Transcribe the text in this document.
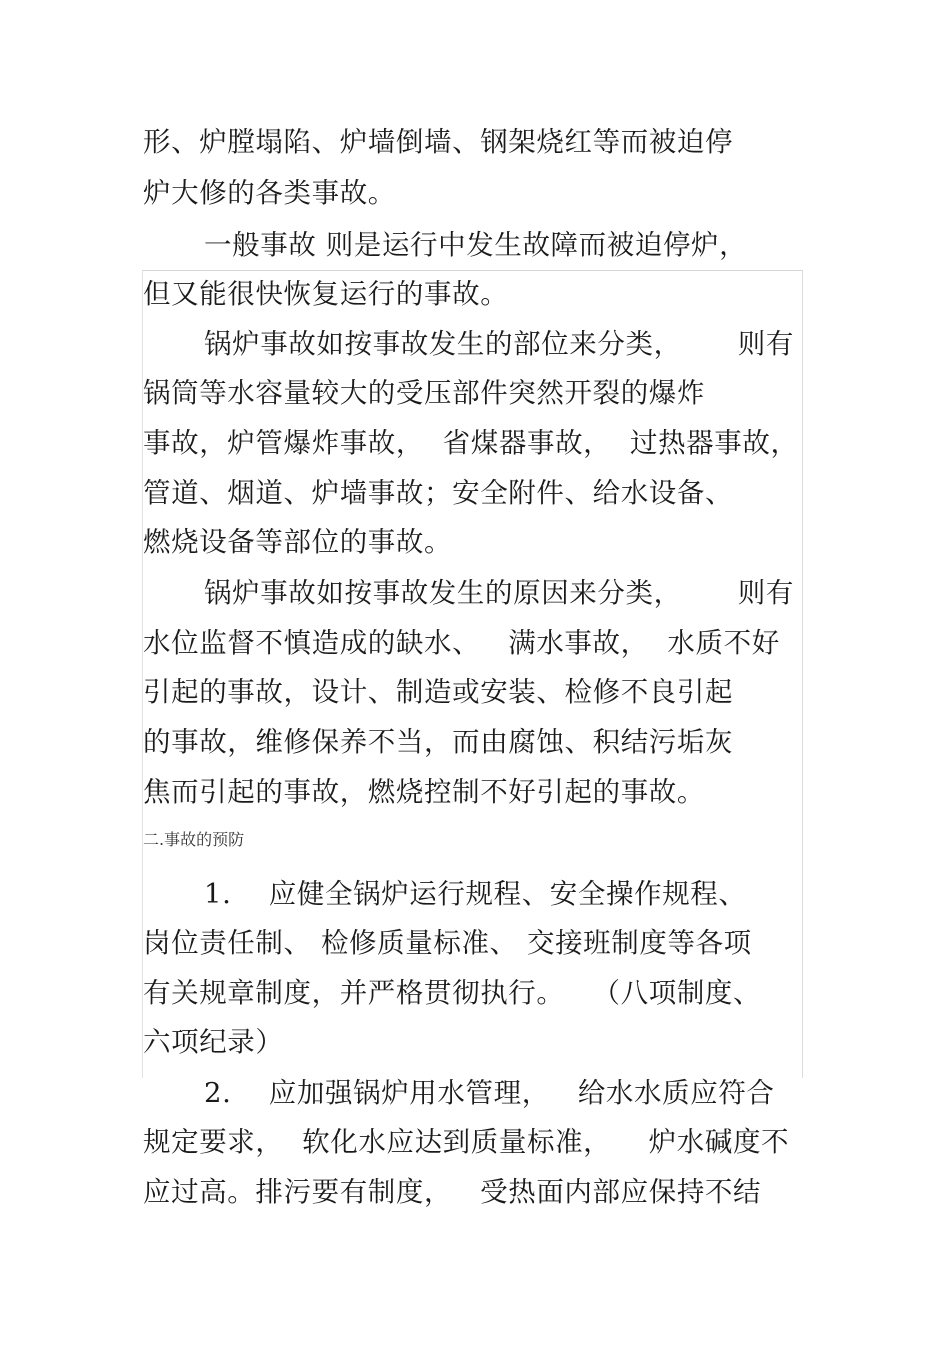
形、炉膛塌陷、炉墙倒墙、钢架烧红等而被迫停
炉大修的各类事故。
一般事故 则是运行中发生故障而被迫停炉，
但又能很快恢复运行的事故。
锅炉事故如按事故发生的部位来分类，      则有
锅筒等水容量较大的受压部件突然开裂的爆炸
事故，炉管爆炸事故，  省煤器事故，  过热器事故，
管道、烟道、炉墙事故；安全附件、给水设备、
燃烧设备等部位的事故。
锅炉事故如按事故发生的原因来分类，      则有
水位监督不慎造成的缺水、   满水事故，  水质不好
引起的事故，设计、制造或安装、检修不良引起
的事故，维修保养不当，而由腐蚀、积结污垢灰
焦而引起的事故，燃烧控制不好引起的事故。
二.事故的预防
1.    应健全锅炉运行规程、安全操作规程、
岗位责任制、 检修质量标准、 交接班制度等各项
有关规章制度，并严格贯彻执行。   （八项制度、
六项纪录）
2.    应加强锅炉用水管理，   给水水质应符合
规定要求，  软化水应达到质量标准，    炉水碱度不
应过高。排污要有制度，   受热面内部应保持不结
